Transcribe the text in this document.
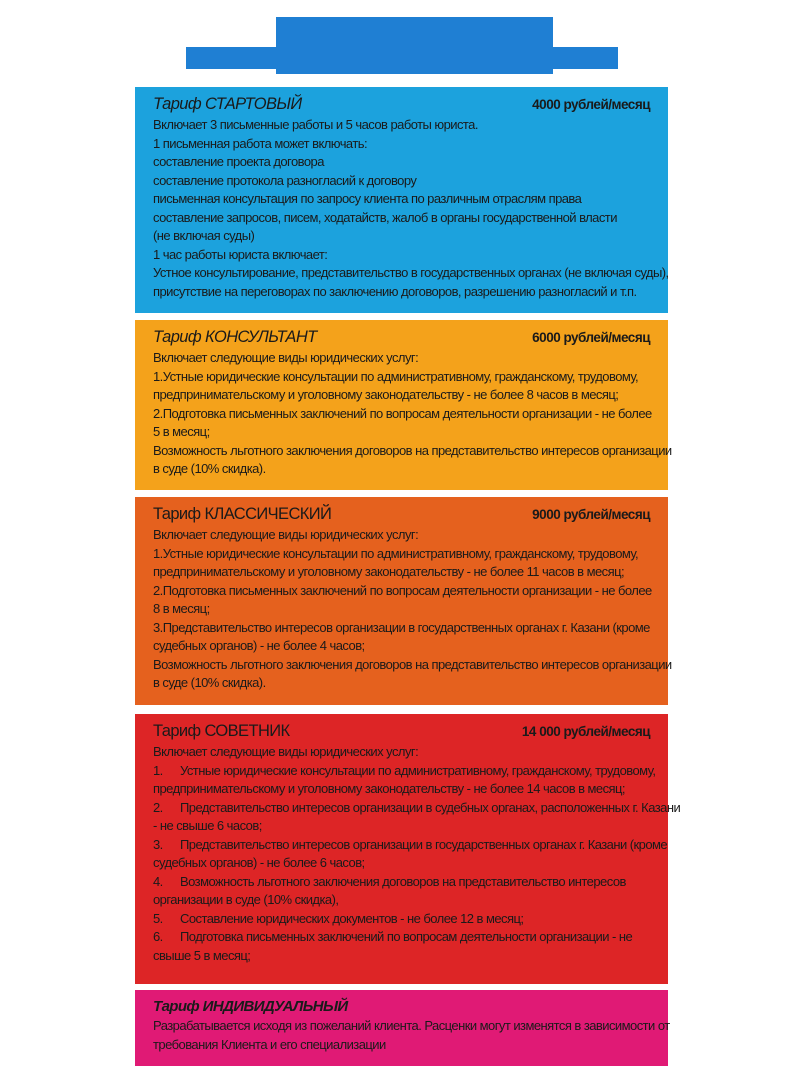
Тариф СТАРТОВЫЙ	4000 рублей/месяц
Включает 3 письменные работы и 5 часов работы юриста.
1 письменная работа может включать:
составление проекта договора
составление протокола разногласий к договору
письменная консультация по запросу клиента по различным отраслям права
составление запросов, писем, ходатайств, жалоб в органы государственной власти
(не включая суды)
1 час работы юриста включает:
Устное консультирование, представительство в государственных органах (не включая суды),
присутствие на переговорах по заключению договоров, разрешению разногласий и т.п.
Тариф КОНСУЛЬТАНТ	6000 рублей/месяц
Включает следующие виды юридических услуг:
1.Устные юридические консультации по административному, гражданскому, трудовому,
предпринимательскому и уголовному законодательству - не более 8 часов в месяц;
2.Подготовка письменных заключений по вопросам деятельности организации - не более
5 в месяц;
Возможность льготного заключения договоров на представительство интересов организации
в суде (10% скидка).
Тариф КЛАССИЧЕСКИЙ	9000 рублей/месяц
Включает следующие виды юридических услуг:
1.Устные юридические консультации по административному, гражданскому, трудовому,
предпринимательскому и уголовному законодательству - не более 11 часов в месяц;
2.Подготовка письменных заключений по вопросам деятельности организации - не более
8 в месяц;
3.Представительство интересов организации в государственных органах г. Казани (кроме
судебных органов) - не более 4 часов;
Возможность льготного заключения договоров на представительство интересов организации
в суде (10% скидка).
Тариф СОВЕТНИК	14 000 рублей/месяц
Включает следующие виды юридических услуг:
1.	Устные юридические консультации по административному, гражданскому, трудовому,
предпринимательскому и уголовному законодательству - не более 14 часов в месяц;
2.	Представительство интересов организации в судебных органах, расположенных г. Казани
- не свыше 6 часов;
3.	Представительство интересов организации в государственных органах г. Казани (кроме
судебных органов) - не более 6 часов;
4.	Возможность льготного заключения договоров на представительство интересов
организации в суде (10% скидка),
5.	Составление юридических документов - не более 12 в месяц;
6.	Подготовка письменных заключений по вопросам деятельности организации - не
свыше 5 в месяц;
Тариф ИНДИВИДУАЛЬНЫЙ
Разрабатывается исходя из пожеланий клиента. Расценки могут изменятся в зависимости от
требования Клиента и его специализации
